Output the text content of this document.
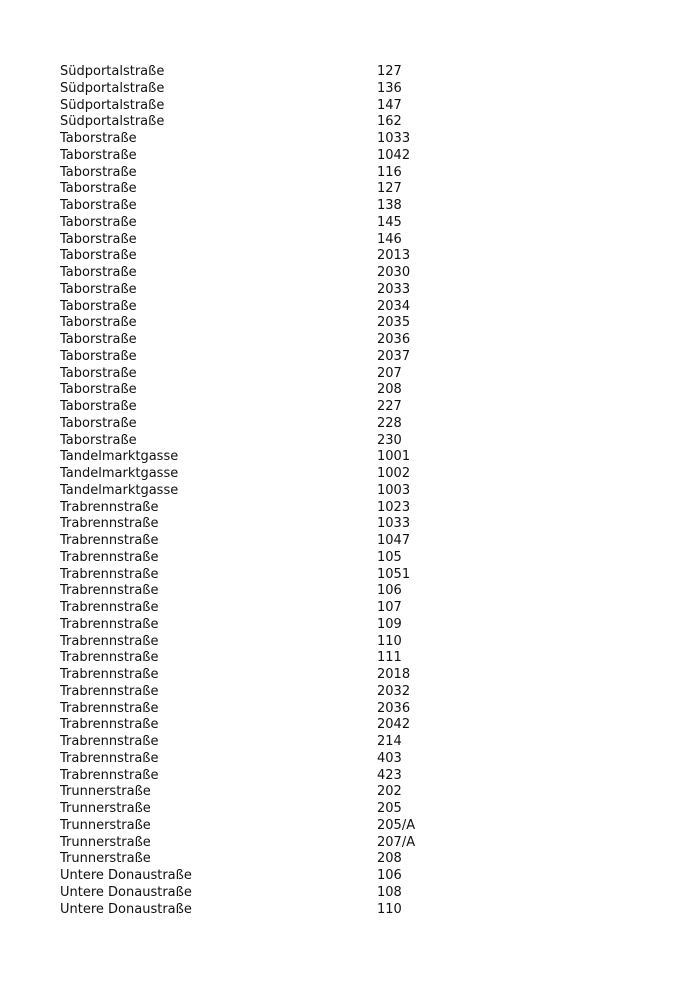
Südportalstraße	127
Südportalstraße	136
Südportalstraße	147
Südportalstraße	162
Taborstraße	1033
Taborstraße	1042
Taborstraße	116
Taborstraße	127
Taborstraße	138
Taborstraße	145
Taborstraße	146
Taborstraße	2013
Taborstraße	2030
Taborstraße	2033
Taborstraße	2034
Taborstraße	2035
Taborstraße	2036
Taborstraße	2037
Taborstraße	207
Taborstraße	208
Taborstraße	227
Taborstraße	228
Taborstraße	230
Tandelmarktgasse	1001
Tandelmarktgasse	1002
Tandelmarktgasse	1003
Trabrennstraße	1023
Trabrennstraße	1033
Trabrennstraße	1047
Trabrennstraße	105
Trabrennstraße	1051
Trabrennstraße	106
Trabrennstraße	107
Trabrennstraße	109
Trabrennstraße	110
Trabrennstraße	111
Trabrennstraße	2018
Trabrennstraße	2032
Trabrennstraße	2036
Trabrennstraße	2042
Trabrennstraße	214
Trabrennstraße	403
Trabrennstraße	423
Trunnerstraße	202
Trunnerstraße	205
Trunnerstraße	205/A
Trunnerstraße	207/A
Trunnerstraße	208
Untere Donaustraße	106
Untere Donaustraße	108
Untere Donaustraße	110
